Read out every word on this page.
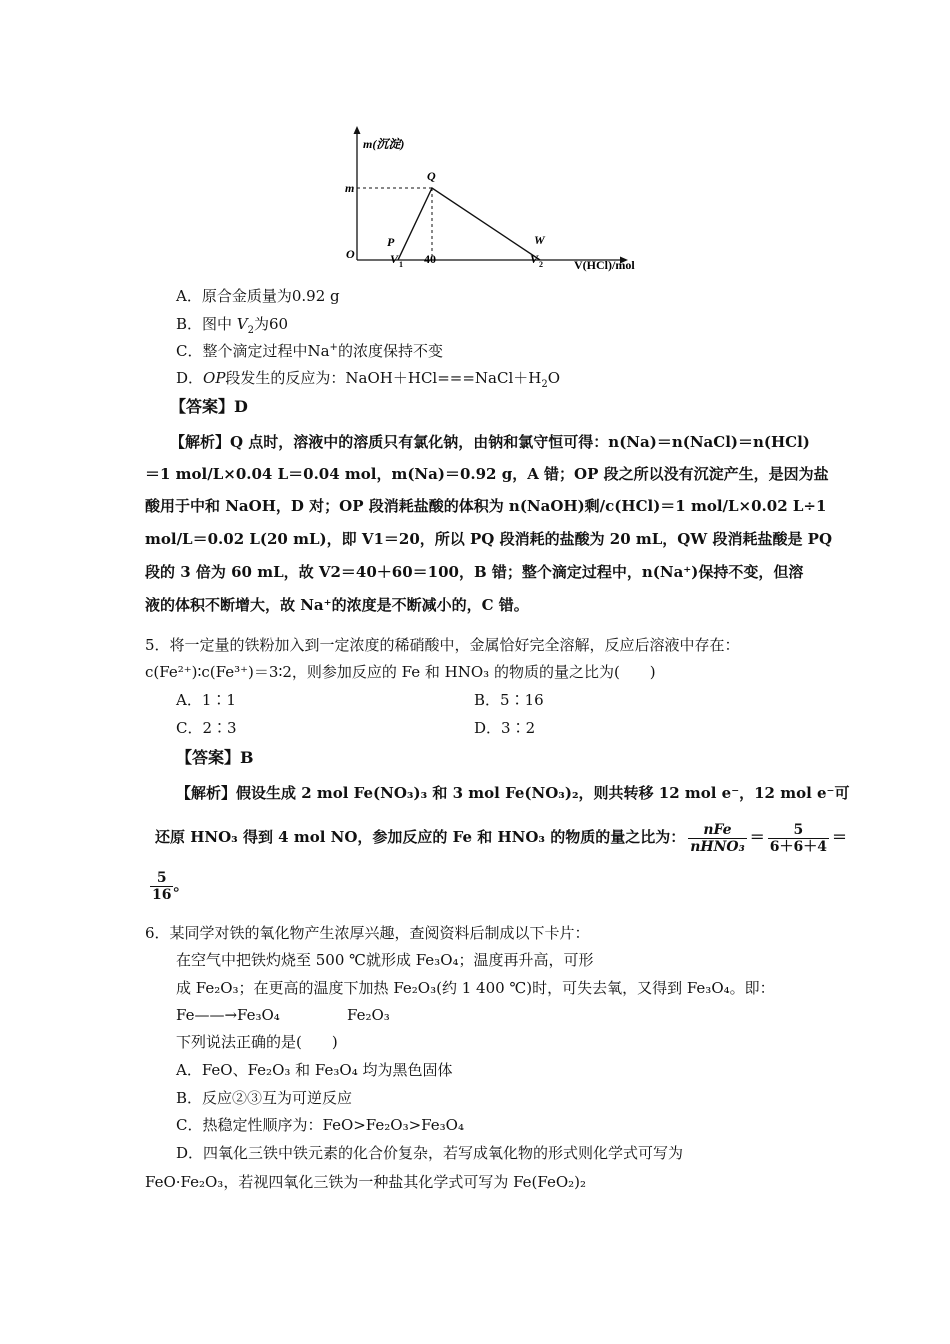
m(沉淀)
O
m
Q
P	W
V 1 40	V 2	V(HCl)/mol
A．原合金质量为0.92 g
B．图中 $V_2$为60
C．整个滴定过程中Na+的浓度保持不变
D．OP段发生的反应为：$NaOH+HCl===NaCl+H_2O$
【答案】D
【解析】Q 点时，溶液中的溶质只有氯化钠，由钠和氯守恒可得：n(Na)＝n(NaCl)＝n(HCl)
＝1 mol/L×0.04 L＝0.04 mol，m(Na)＝0.92 g，A 错；OP 段之所以没有沉淀产生，是因为盐
酸用于中和 NaOH，D 对；OP 段消耗盐酸的体积为 n(NaOH)剩/c(HCl)＝1 mol/L×0.02 L÷1
mol/L＝0.02 L(20 mL)，即 V1＝20，所以 PQ 段消耗的盐酸为 20 mL，QW 段消耗盐酸是 PQ
段的 3 倍为 60 mL，故 V2＝40＋60＝100，B 错；整个滴定过程中，n(Na⁺)保持不变，但溶
液的体积不断增大，故 Na⁺的浓度是不断减小的，C 错。
5．将一定量的铁粉加入到一定浓度的稀硝酸中，金属恰好完全溶解，反应后溶液中存在：
c(Fe²⁺)∶c(Fe³⁺)＝3∶2，则参加反应的 Fe 和 HNO₃ 的物质的量之比为(　　)
A．1∶1	B．5∶16
C．2∶3	D．3∶2
【答案】B
【解析】假设生成 2 mol Fe(NO₃)₃ 和 3 mol Fe(NO₃)₂，则共转移 12 mol e⁻，12 mol e⁻可
还原 HNO₃ 得到 4 mol NO，参加反应的 Fe 和 HNO₃ 的物质的量之比为： $\frac{\text{nFe}}{\text{nHNO₃}} = \frac{5}{6+6+4}$ ＝
$\frac{5}{16}$ 。
6．某同学对铁的氧化物产生浓厚兴趣，查阅资料后制成以下卡片：
在空气中把铁灼烧至 500 ℃就形成 Fe₃O₄；温度再升高，可形
成 Fe₂O₃；在更高的温度下加热 Fe₂O₃(约 1 400 ℃)时，可失去氧，又得到 Fe₃O₄。即：
Fe——→Fe₃O₄	Fe₂O₃
下列说法正确的是(　　)
A．FeO、Fe₂O₃ 和 Fe₃O₄ 均为黑色固体
B．反应②③互为可逆反应
C．热稳定性顺序为：FeO>Fe₂O₃>Fe₃O₄
D．四氧化三铁中铁元素的化合价复杂，若写成氧化物的形式则化学式可写为
FeO·Fe₂O₃，若视四氧化三铁为一种盐其化学式可写为 Fe(FeO₂)₂
